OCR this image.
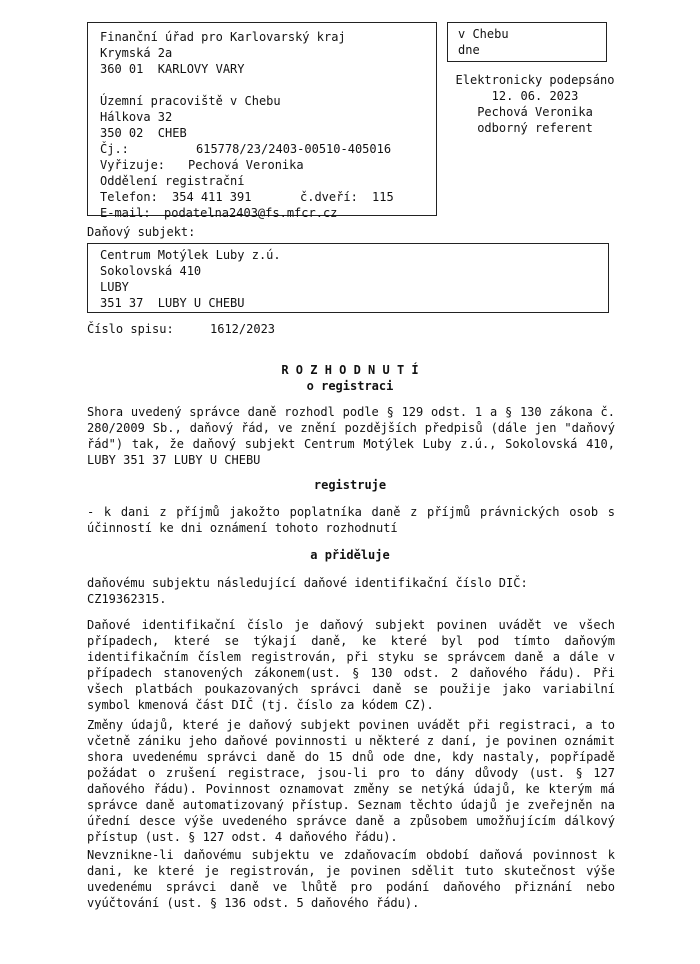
Finanční úřad pro Karlovarský kraj
Krymská 2a
360 01  KARLOVY VARY
Územní pracoviště v Chebu
Hálkova 32
350 02  CHEB
Čj.:	615778/23/2403-00510-405016
Vyřizuje: Pechová Veronika
Oddělení registrační
Telefon: 354 411 391	č.dveří: 115
E-mail: podatelna2403@fs.mfcr.cz
v Chebu
dne
Elektronicky podepsáno
12. 06. 2023
Pechová Veronika
odborný referent
Daňový subjekt:
Centrum Motýlek Luby z.ú.
Sokolovská 410
LUBY
351 37  LUBY U CHEBU
Číslo spisu:	1612/2023
R O Z H O D N U T Í
o registraci
Shora uvedený správce daně rozhodl podle § 129 odst. 1 a § 130 zákona č. 280/2009 Sb., daňový řád, ve znění pozdějších předpisů (dále jen "daňový řád") tak, že daňový subjekt Centrum Motýlek Luby z.ú., Sokolovská 410, LUBY 351 37 LUBY U CHEBU
registruje
- k dani z příjmů jakožto poplatníka daně z příjmů právnických osob s účinností ke dni oznámení tohoto rozhodnutí
a přiděluje
daňovému subjektu následující daňové identifikační číslo DIČ: CZ19362315.
Daňové identifikační číslo je daňový subjekt povinen uvádět ve všech případech, které se týkají daně, ke které byl pod tímto daňovým identifikačním číslem registrován, při styku se správcem daně a dále v případech stanovených zákonem(ust. § 130 odst. 2 daňového řádu). Při všech platbách poukazovaných správci daně se použije jako variabilní symbol kmenová část DIČ (tj. číslo za kódem CZ).
Změny údajů, které je daňový subjekt povinen uvádět při registraci, a to včetně zániku jeho daňové povinnosti u některé z daní, je povinen oznámit shora uvedenému správci daně do 15 dnů ode dne, kdy nastaly, popřípadě požádat o zrušení registrace, jsou-li pro to dány důvody (ust. § 127 daňového řádu). Povinnost oznamovat změny se netýká údajů, ke kterým má správce daně automatizovaný přístup. Seznam těchto údajů je zveřejněn na úřední desce výše uvedeného správce daně a způsobem umožňujícím dálkový přístup (ust. § 127 odst. 4 daňového řádu).
Nevznikne-li daňovému subjektu ve zdaňovacím období daňová povinnost k dani, ke které je registrován, je povinen sdělit tuto skutečnost výše uvedenému správci daně ve lhůtě pro podání daňového přiznání nebo vyúčtování (ust. § 136 odst. 5 daňového řádu).
